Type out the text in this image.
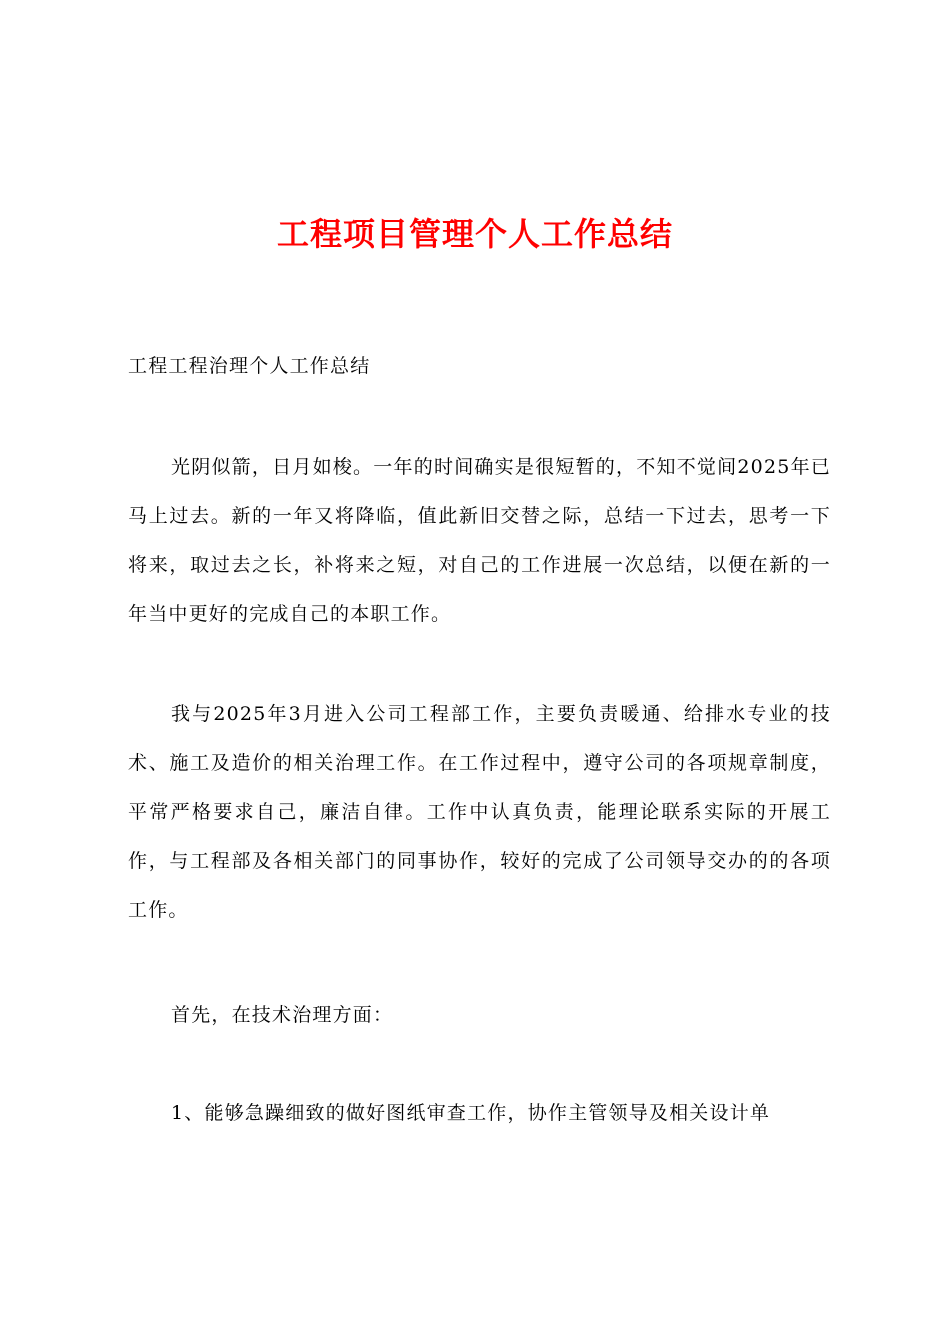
工程项目管理个人工作总结
工程工程治理个人工作总结
光阴似箭，日月如梭。一年的时间确实是很短暂的，不知不觉间2025年已马上过去。新的一年又将降临，值此新旧交替之际，总结一下过去，思考一下将来，取过去之长，补将来之短，对自己的工作进展一次总结，以便在新的一年当中更好的完成自己的本职工作。
我与2025年3月进入公司工程部工作，主要负责暖通、给排水专业的技术、施工及造价的相关治理工作。在工作过程中，遵守公司的各项规章制度，平常严格要求自己，廉洁自律。工作中认真负责，能理论联系实际的开展工作，与工程部及各相关部门的同事协作，较好的完成了公司领导交办的的各项工作。
首先，在技术治理方面：
1、能够急躁细致的做好图纸审查工作，协作主管领导及相关设计单
